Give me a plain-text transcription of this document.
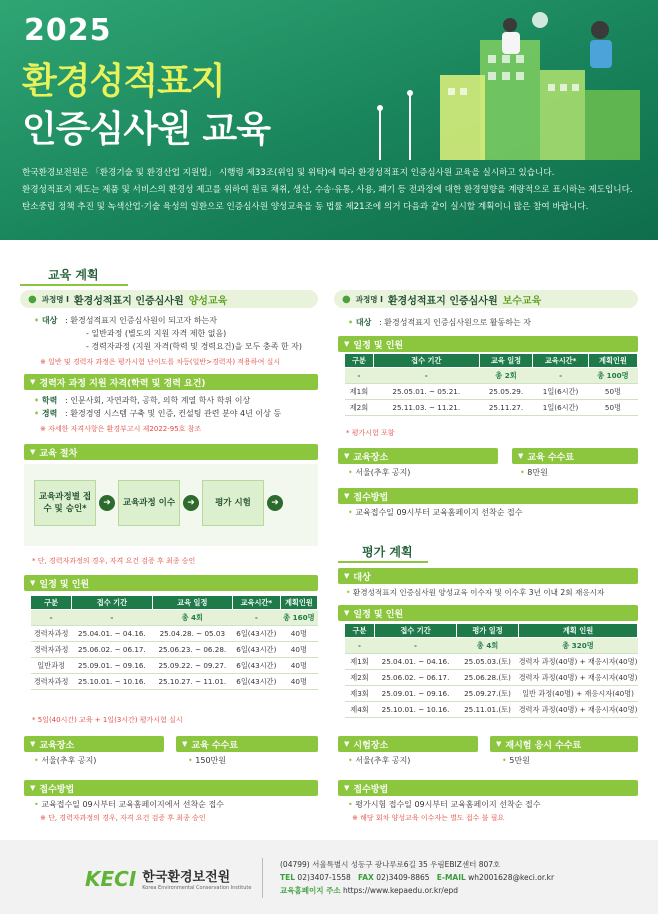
2025
환경성적표지
인증심사원 교육
한국환경보전원은 「환경기술 및 환경산업 지원법」 시행령 제33조(위임 및 위탁)에 따라 환경성적표지 인증심사원 교육을 실시하고 있습니다.
환경성적표지 제도는 제품 및 서비스의 환경성 제고를 위하여 원료 채취, 생산, 수송·유통, 사용, 폐기 등 전과정에 대한 환경영향을 계량적으로 표시하는 제도입니다.
탄소중립 정책 추진 및 녹색산업·기술 육성의 일환으로 인증심사원 양성교육을 동 법률 제21조에 의거 다음과 같이 실시할 계획이니 많은 참여 바랍니다.
교육 계획
● 과정명 I 환경성적표지 인증심사원 양성교육
• 대상   : 환경성적표지 인증심사원이 되고자 하는자
- 일반과정 (별도의 지원 자격 제한 없음)
- 경력자과정 (지원 자격(학력 및 경력요건)을 모두 충족 한 자)
※ 일반 및 경력자 과정은 평가시험 난이도를 차등(일반>경력자) 적용하여 실시
▼ 경력자 과정 지원 자격(학력 및 경력 요건)
• 학력   : 인문사회, 자연과학, 공학, 의학 계열 학사 학위 이상
• 경력   : 환경경영 시스템 구축 및 인증, 컨설팅 관련 분야 4년 이상 등
※ 자세한 자격사항은 환경부고시 제2022-95호 참조
▼ 교육 절차
교육과정별 접수 및 승인*
➜	교육과정 이수	➜	평가 시험	➜
* 단, 경력자과정의 경우, 자격 요건 검증 후 최종 승인
▼ 일정 및 인원
구분	접수 기간	교육 일정	교육시간*	계획인원
-	-	총 4회	-	총 160명
경력자과정	25.04.01. ~ 04.16.	25.04.28. ~ 05.03	6일(43시간)	40명
경력자과정	25.06.02. ~ 06.17.	25.06.23. ~ 06.28.	6일(43시간)	40명
일반과정	25.09.01. ~ 09.16.	25.09.22. ~ 09.27.	6일(43시간)	40명
경력자과정	25.10.01. ~ 10.16.	25.10.27. ~ 11.01.	6일(43시간)	40명
* 5일(40시간) 교육 + 1일(3시간) 평가시험 실시
▼ 교육장소	▼ 교육 수수료
• 서울(추후 공지)	• 150만원
▼ 접수방법
• 교육접수일 09시부터 교육홈페이지에서 선착순 접수
※ 단, 경력자과정의 경우, 자격 요건 검증 후 최종 승인
● 과정명 I 환경성적표지 인증심사원 보수교육
• 대상   : 환경성적표지 인증심사원으로 활동하는 자
▼ 일정 및 인원
구분	접수 기간	교육 일정	교육시간*	계획인원
-	-	총 2회	-	총 100명
제1회	25.05.01. ~ 05.21.	25.05.29.	1일(6시간)	50명
제2회	25.11.03. ~ 11.21.	25.11.27.	1일(6시간)	50명
* 평가시험 포함
▼ 교육장소	▼ 교육 수수료
• 서울(추후 공지)	• 8만원
▼ 접수방법
• 교육접수일 09시부터 교육홈페이지 선착순 접수
평가 계획
▼ 대상
• 환경성적표지 인증심사원 양성교육 이수자 및 이수후 3년 이내 2회 재응시자
▼ 일정 및 인원
구분	접수 기간	평가 일정	계획 인원
-	-	총 4회	총 320명
제1회	25.04.01. ~ 04.16.	25.05.03.(토)	경력자 과정(40명) + 재응시자(40명)
제2회	25.06.02. ~ 06.17.	25.06.28.(토)	경력자 과정(40명) + 재응시자(40명)
제3회	25.09.01. ~ 09.16.	25.09.27.(토)	일반 과정(40명) + 재응시자(40명)
제4회	25.10.01. ~ 10.16.	25.11.01.(토)	경력자 과정(40명) + 재응시자(40명)
▼ 시험장소	▼ 재시험 응시 수수료
• 서울(추후 공지)	• 5만원
▼ 접수방법
• 평가시험 접수일 09시부터 교육홈페이지 선착순 접수
※ 해당 회차 양성교육 이수자는 별도 접수 불 필요
KECI 한국환경보전원
Korea Environmental Conservation Institute
(04799) 서울특별시 성동구 광나루로6길 35 우림EBIZ센터 807호
TEL 02)3407-1558 FAX 02)3409-8865 E-MAIL wh2001628@keci.or.kr
교육홈페이지 주소 https://www.kepaedu.or.kr/epd
